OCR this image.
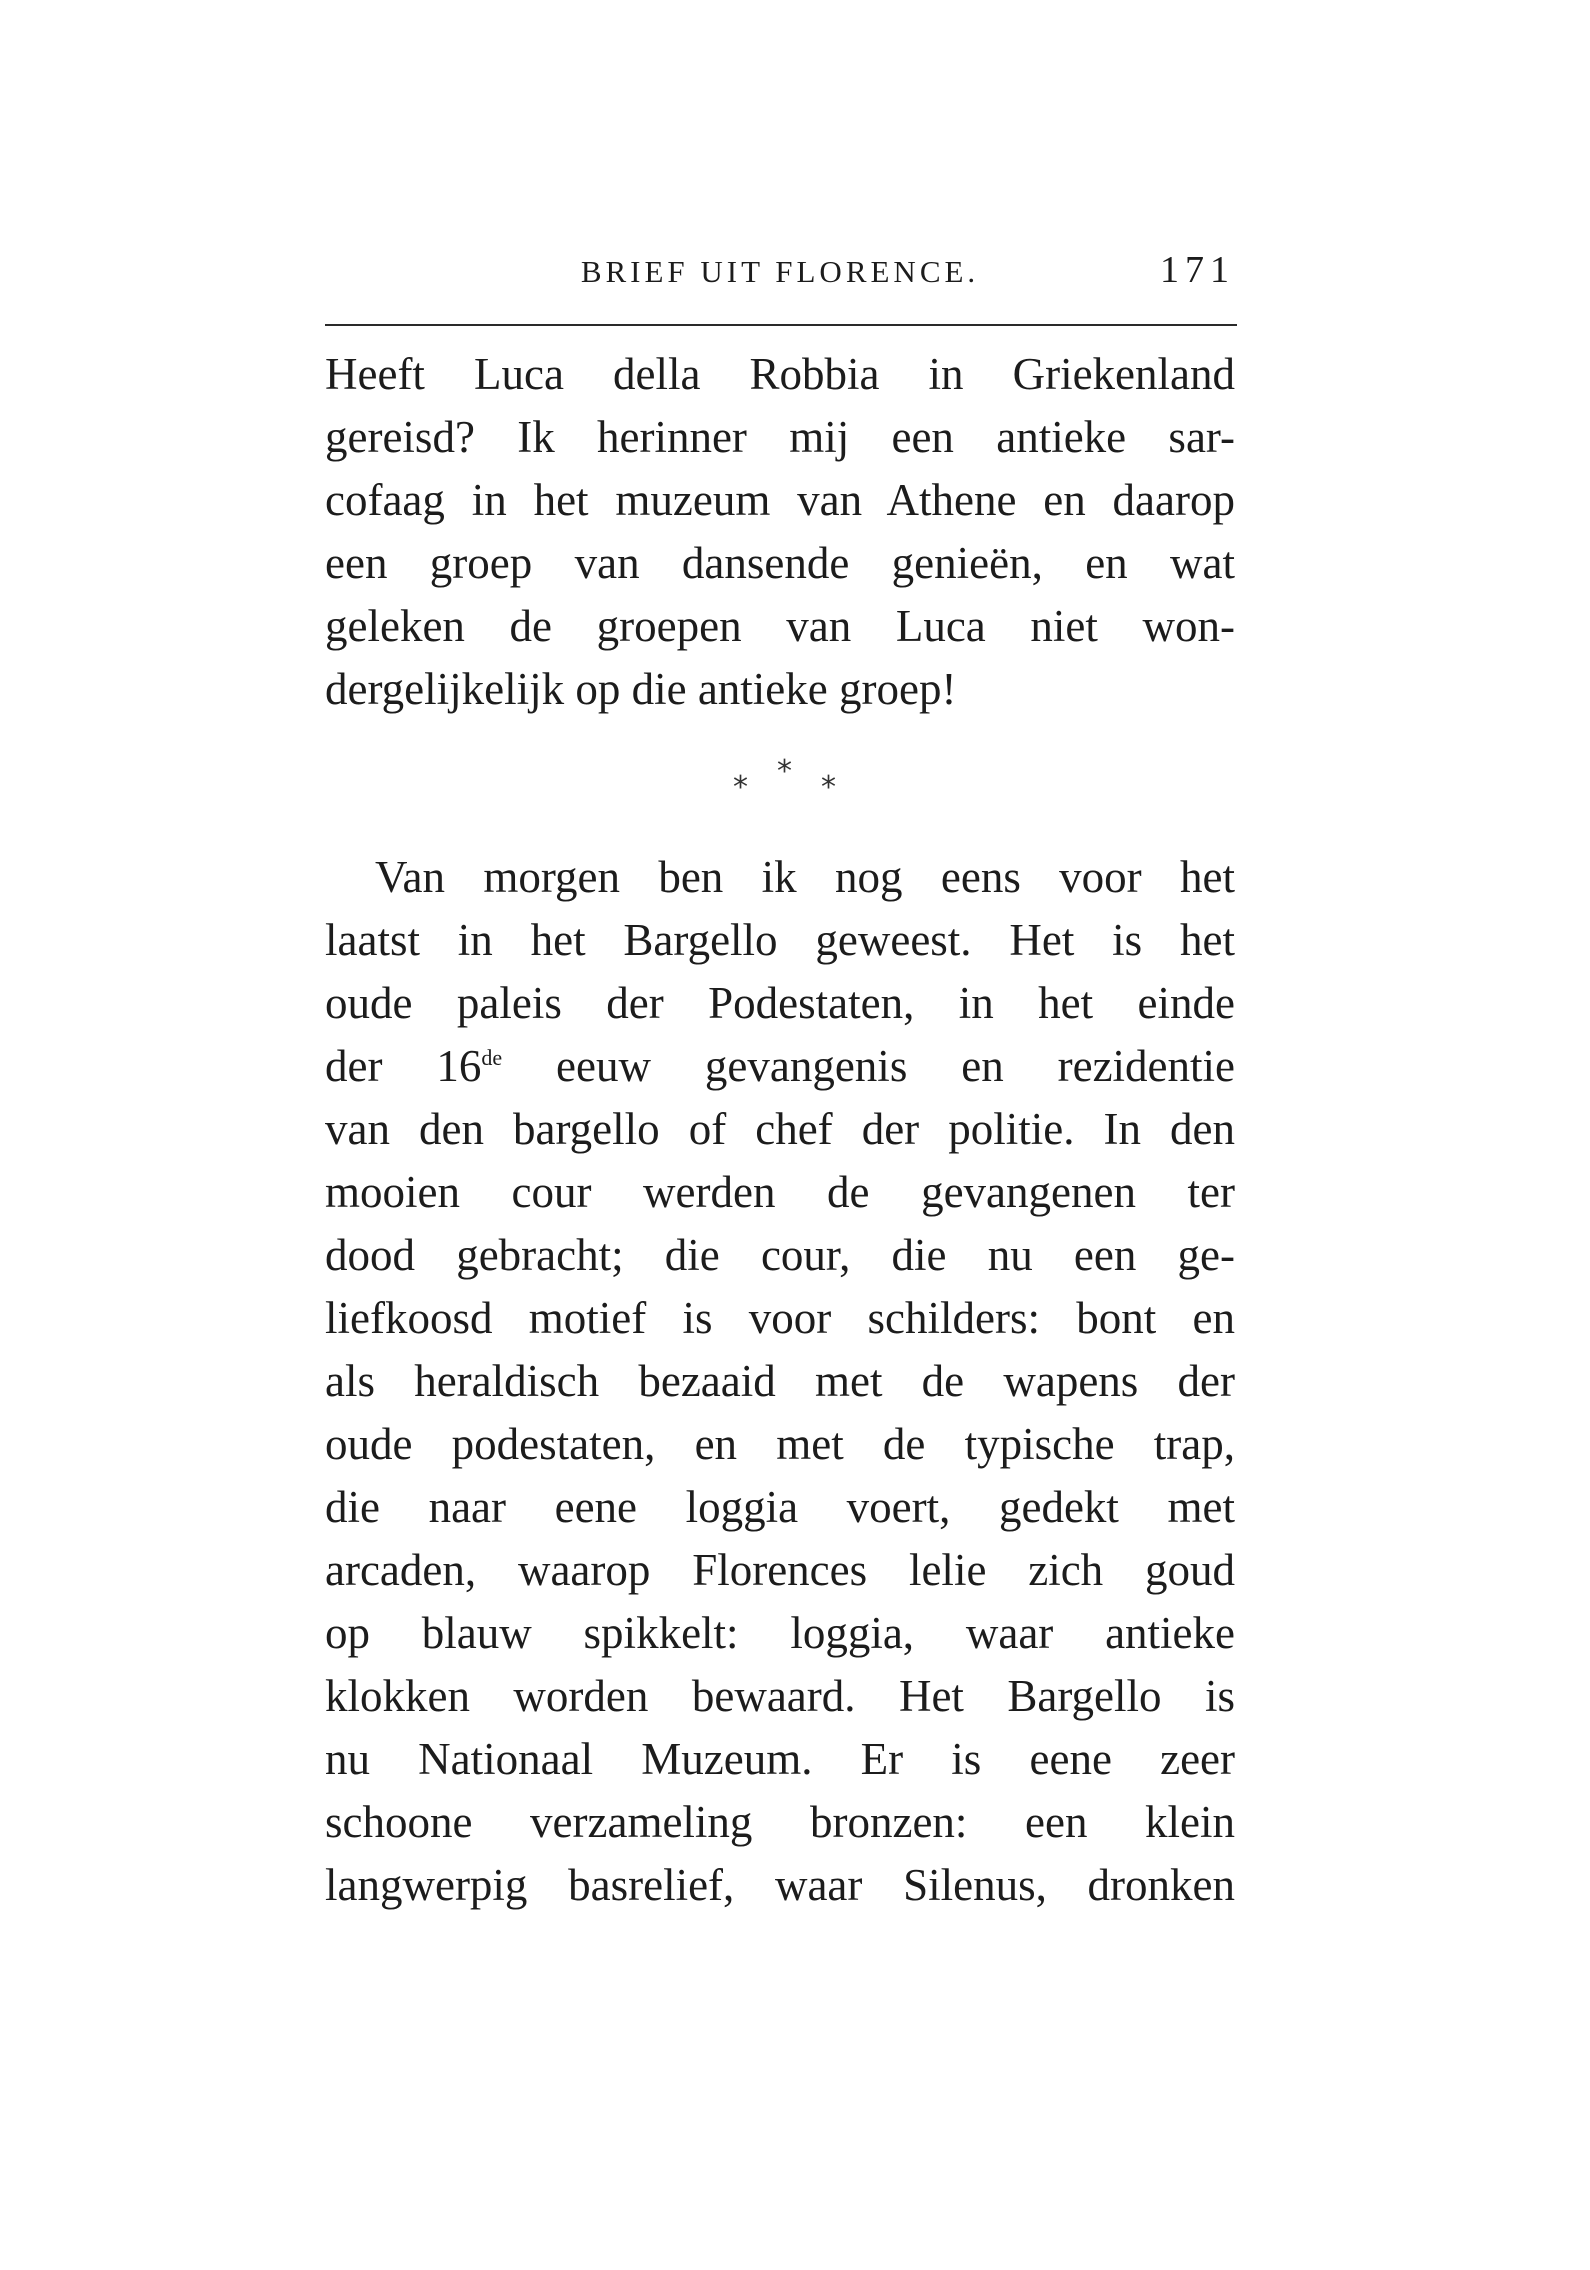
BRIEF UIT FLORENCE.	171
Heeft Luca della Robbia in Griekenland
gereisd? Ik herinner mij een antieke sar-
cofaag in het muzeum van Athene en daarop
een groep van dansende genieën, en wat
geleken de groepen van Luca niet won-
dergelijkelijk op die antieke groep!
* * *
Van morgen ben ik nog eens voor het
laatst in het Bargello geweest. Het is het
oude paleis der Podestaten, in het einde
der 16de eeuw gevangenis en rezidentie
van den bargello of chef der politie. In den
mooien cour werden de gevangenen ter
dood gebracht; die cour, die nu een ge-
liefkoosd motief is voor schilders: bont en
als heraldisch bezaaid met de wapens der
oude podestaten, en met de typische trap,
die naar eene loggia voert, gedekt met
arcaden, waarop Florences lelie zich goud
op blauw spikkelt: loggia, waar antieke
klokken worden bewaard. Het Bargello is
nu Nationaal Muzeum. Er is eene zeer
schoone verzameling bronzen: een klein
langwerpig basrelief, waar Silenus, dronken
